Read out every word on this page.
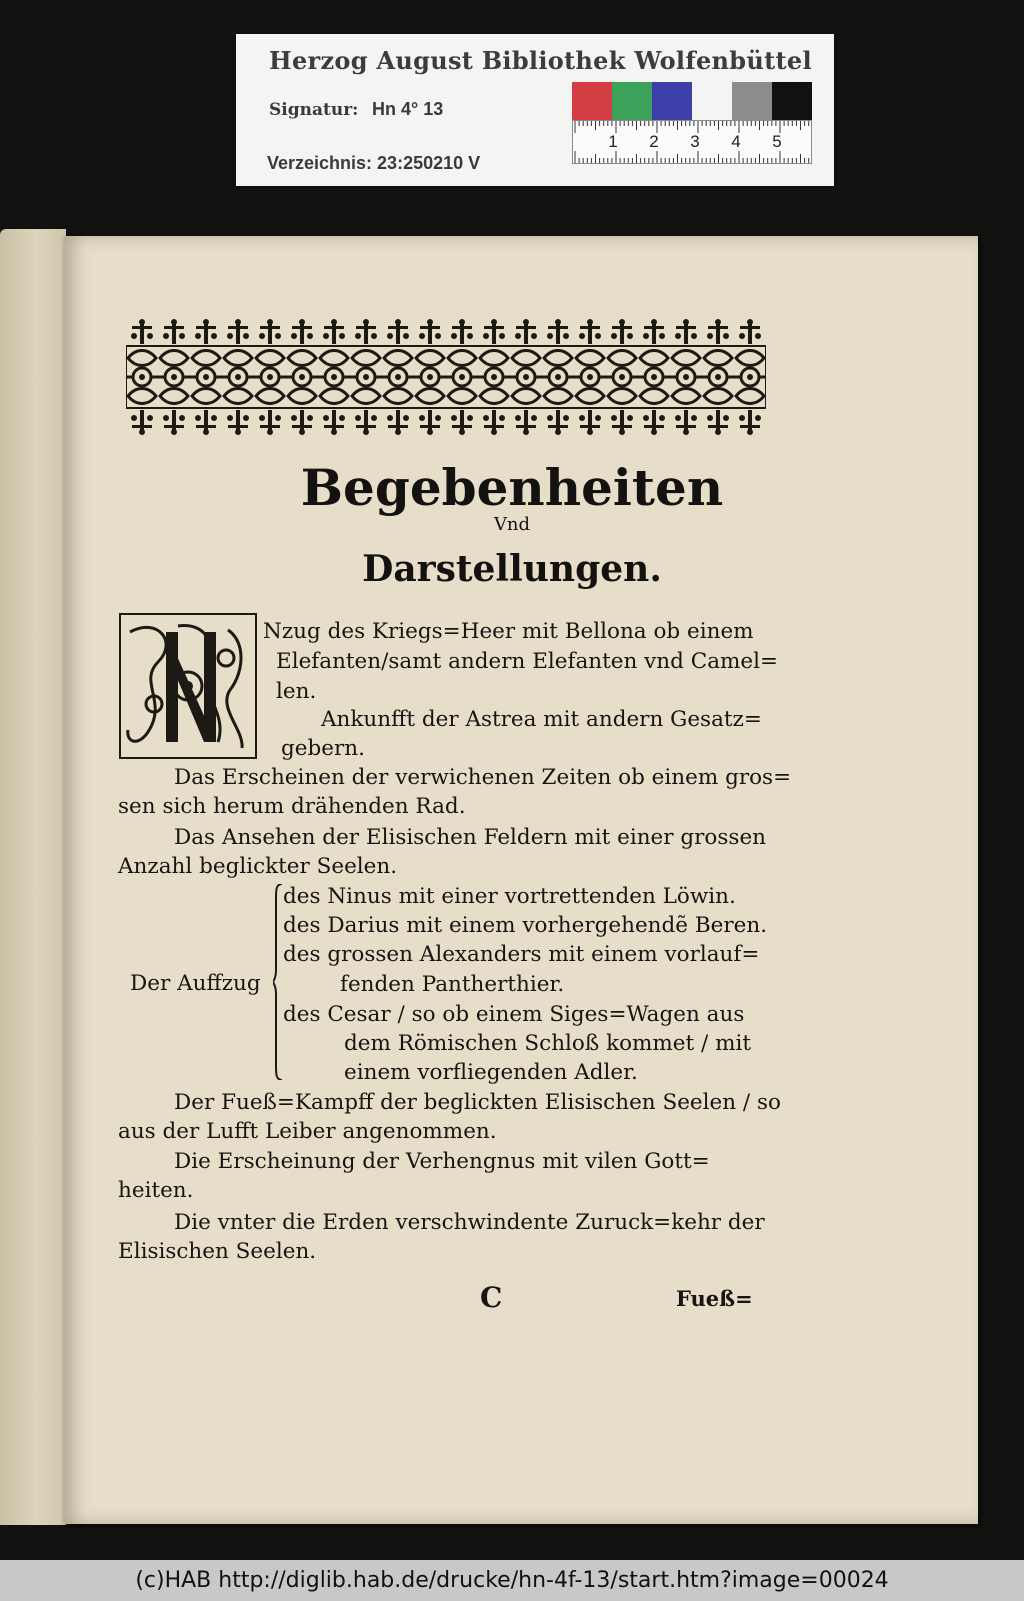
Herzog August Bibliothek Wolfenbüttel
Signatur: Hn 4° 13
Verzeichnis: 23:250210 V
1 2 3 4 5
Begebenheiten
Vnd
Darstellungen.
Nzug des Kriegs=Heer mit Bellona ob einem
Elefanten/samt andern Elefanten vnd Camel=
len.
Ankunfft der Astrea mit andern Gesatz=
gebern.
Das Erscheinen der verwichenen Zeiten ob einem gros=
sen sich herum drähenden Rad.
Das Ansehen der Elisischen Feldern mit einer grossen
Anzahl beglickter Seelen.
Der Auffzug
des Ninus mit einer vortrettenden Löwin.
des Darius mit einem vorhergehendẽ Beren.
des grossen Alexanders mit einem vorlauf=
fenden Pantherthier.
des Cesar / so ob einem Siges=Wagen aus
dem Römischen Schloß kommet / mit
einem vorfliegenden Adler.
Der Fueß=Kampff der beglickten Elisischen Seelen / so
aus der Lufft Leiber angenommen.
Die Erscheinung der Verhengnus mit vilen Gott=
heiten.
Die vnter die Erden verschwindente Zuruck=kehr der
Elisischen Seelen.
C	Fueß=
(c)HAB http://diglib.hab.de/drucke/hn-4f-13/start.htm?image=00024
